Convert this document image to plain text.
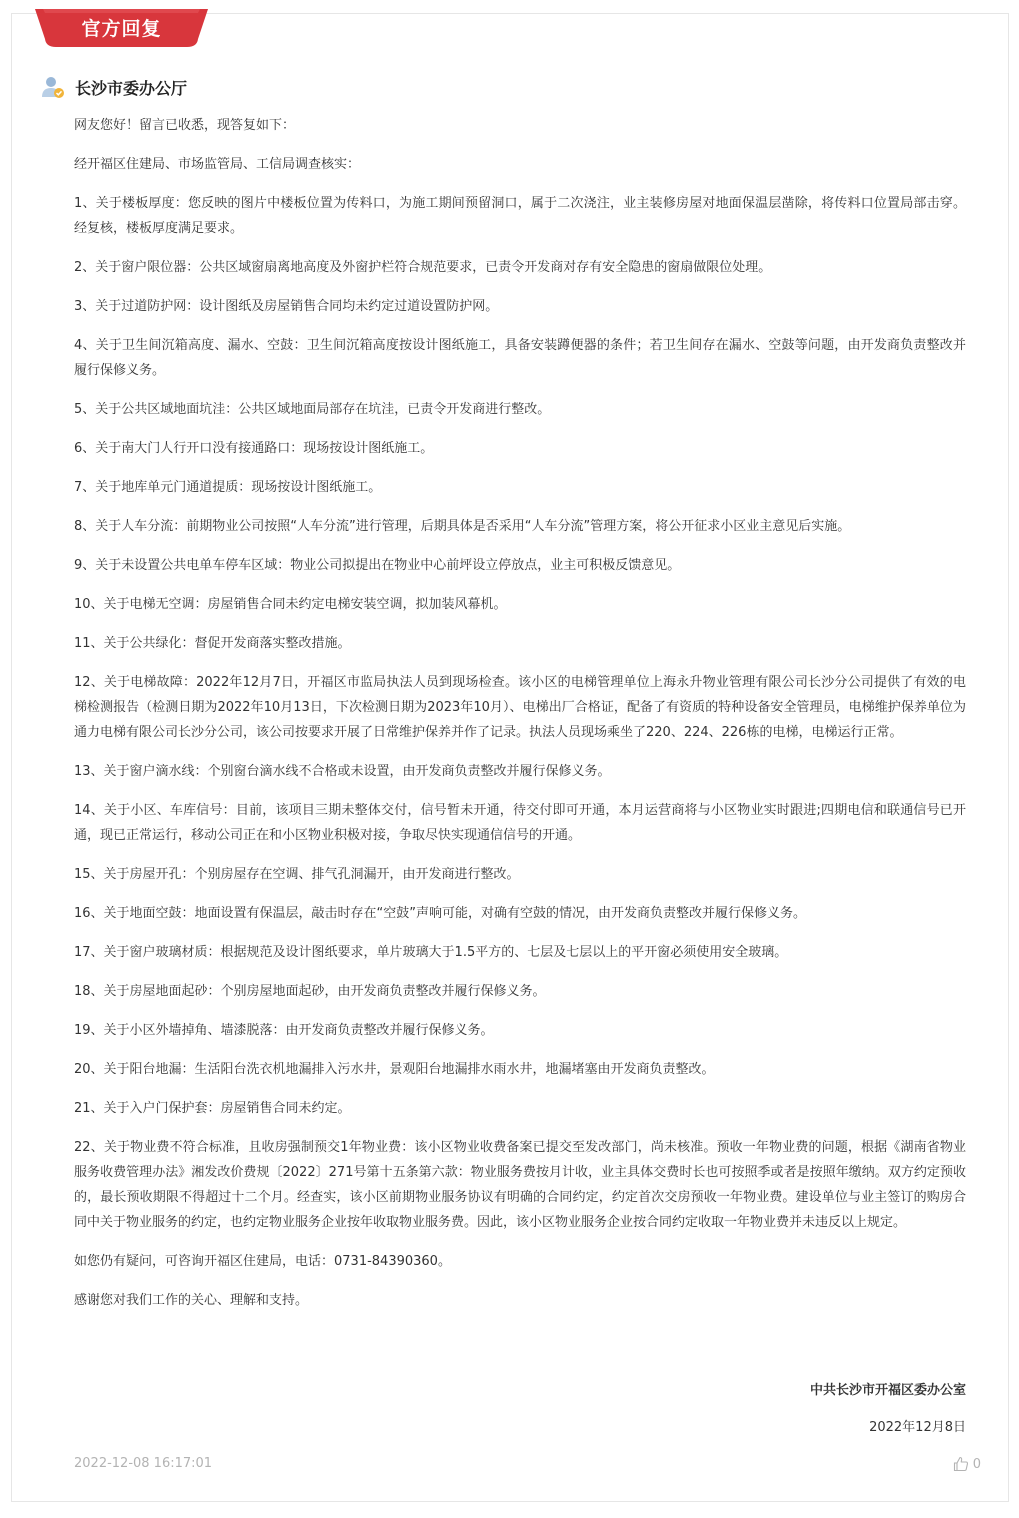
官方回复
长沙市委办公厅

网友您好！留言已收悉，现答复如下：

经开福区住建局、市场监管局、工信局调查核实：

1、关于楼板厚度：您反映的图片中楼板位置为传料口，为施工期间预留洞口，属于二次浇注，业主装修房屋对地面保温层凿除，将传料口位置局部击穿。经复核，楼板厚度满足要求。

2、关于窗户限位器：公共区域窗扇离地高度及外窗护栏符合规范要求，已责令开发商对存有安全隐患的窗扇做限位处理。

3、关于过道防护网：设计图纸及房屋销售合同均未约定过道设置防护网。

4、关于卫生间沉箱高度、漏水、空鼓：卫生间沉箱高度按设计图纸施工，具备安装蹲便器的条件；若卫生间存在漏水、空鼓等问题，由开发商负责整改并履行保修义务。

5、关于公共区域地面坑洼：公共区域地面局部存在坑洼，已责令开发商进行整改。

6、关于南大门人行开口没有接通路口：现场按设计图纸施工。

7、关于地库单元门通道提质：现场按设计图纸施工。

8、关于人车分流：前期物业公司按照“人车分流”进行管理，后期具体是否采用“人车分流”管理方案，将公开征求小区业主意见后实施。

9、关于未设置公共电单车停车区域：物业公司拟提出在物业中心前坪设立停放点，业主可积极反馈意见。

10、关于电梯无空调：房屋销售合同未约定电梯安装空调，拟加装风幕机。

11、关于公共绿化：督促开发商落实整改措施。

12、关于电梯故障：2022年12月7日，开福区市监局执法人员到现场检查。该小区的电梯管理单位上海永升物业管理有限公司长沙分公司提供了有效的电梯检测报告（检测日期为2022年10月13日，下次检测日期为2023年10月）、电梯出厂合格证，配备了有资质的特种设备安全管理员，电梯维护保养单位为通力电梯有限公司长沙分公司，该公司按要求开展了日常维护保养并作了记录。执法人员现场乘坐了220、224、226栋的电梯，电梯运行正常。

13、关于窗户滴水线：个别窗台滴水线不合格或未设置，由开发商负责整改并履行保修义务。

14、关于小区、车库信号：目前，该项目三期未整体交付，信号暂未开通，待交付即可开通，本月运营商将与小区物业实时跟进;四期电信和联通信号已开通，现已正常运行，移动公司正在和小区物业积极对接，争取尽快实现通信信号的开通。

15、关于房屋开孔：个别房屋存在空调、排气孔洞漏开，由开发商进行整改。

16、关于地面空鼓：地面设置有保温层，敲击时存在“空鼓”声响可能，对确有空鼓的情况，由开发商负责整改并履行保修义务。

17、关于窗户玻璃材质：根据规范及设计图纸要求，单片玻璃大于1.5平方的、七层及七层以上的平开窗必须使用安全玻璃。

18、关于房屋地面起砂：个别房屋地面起砂，由开发商负责整改并履行保修义务。

19、关于小区外墙掉角、墙漆脱落：由开发商负责整改并履行保修义务。

20、关于阳台地漏：生活阳台洗衣机地漏排入污水井，景观阳台地漏排水雨水井，地漏堵塞由开发商负责整改。

21、关于入户门保护套：房屋销售合同未约定。

22、关于物业费不符合标准，且收房强制预交1年物业费：该小区物业收费备案已提交至发改部门，尚未核准。预收一年物业费的问题，根据《湖南省物业服务收费管理办法》湘发改价费规〔2022〕271号第十五条第六款：物业服务费按月计收，业主具体交费时长也可按照季或者是按照年缴纳。双方约定预收的，最长预收期限不得超过十二个月。经查实，该小区前期物业服务协议有明确的合同约定，约定首次交房预收一年物业费。建设单位与业主签订的购房合同中关于物业服务的约定，也约定物业服务企业按年收取物业服务费。因此，该小区物业服务企业按合同约定收取一年物业费并未违反以上规定。

如您仍有疑问，可咨询开福区住建局，电话：0731-84390360。

感谢您对我们工作的关心、理解和支持。

中共长沙市开福区委办公室
2022年12月8日
2022-12-08 16:17:01	0
